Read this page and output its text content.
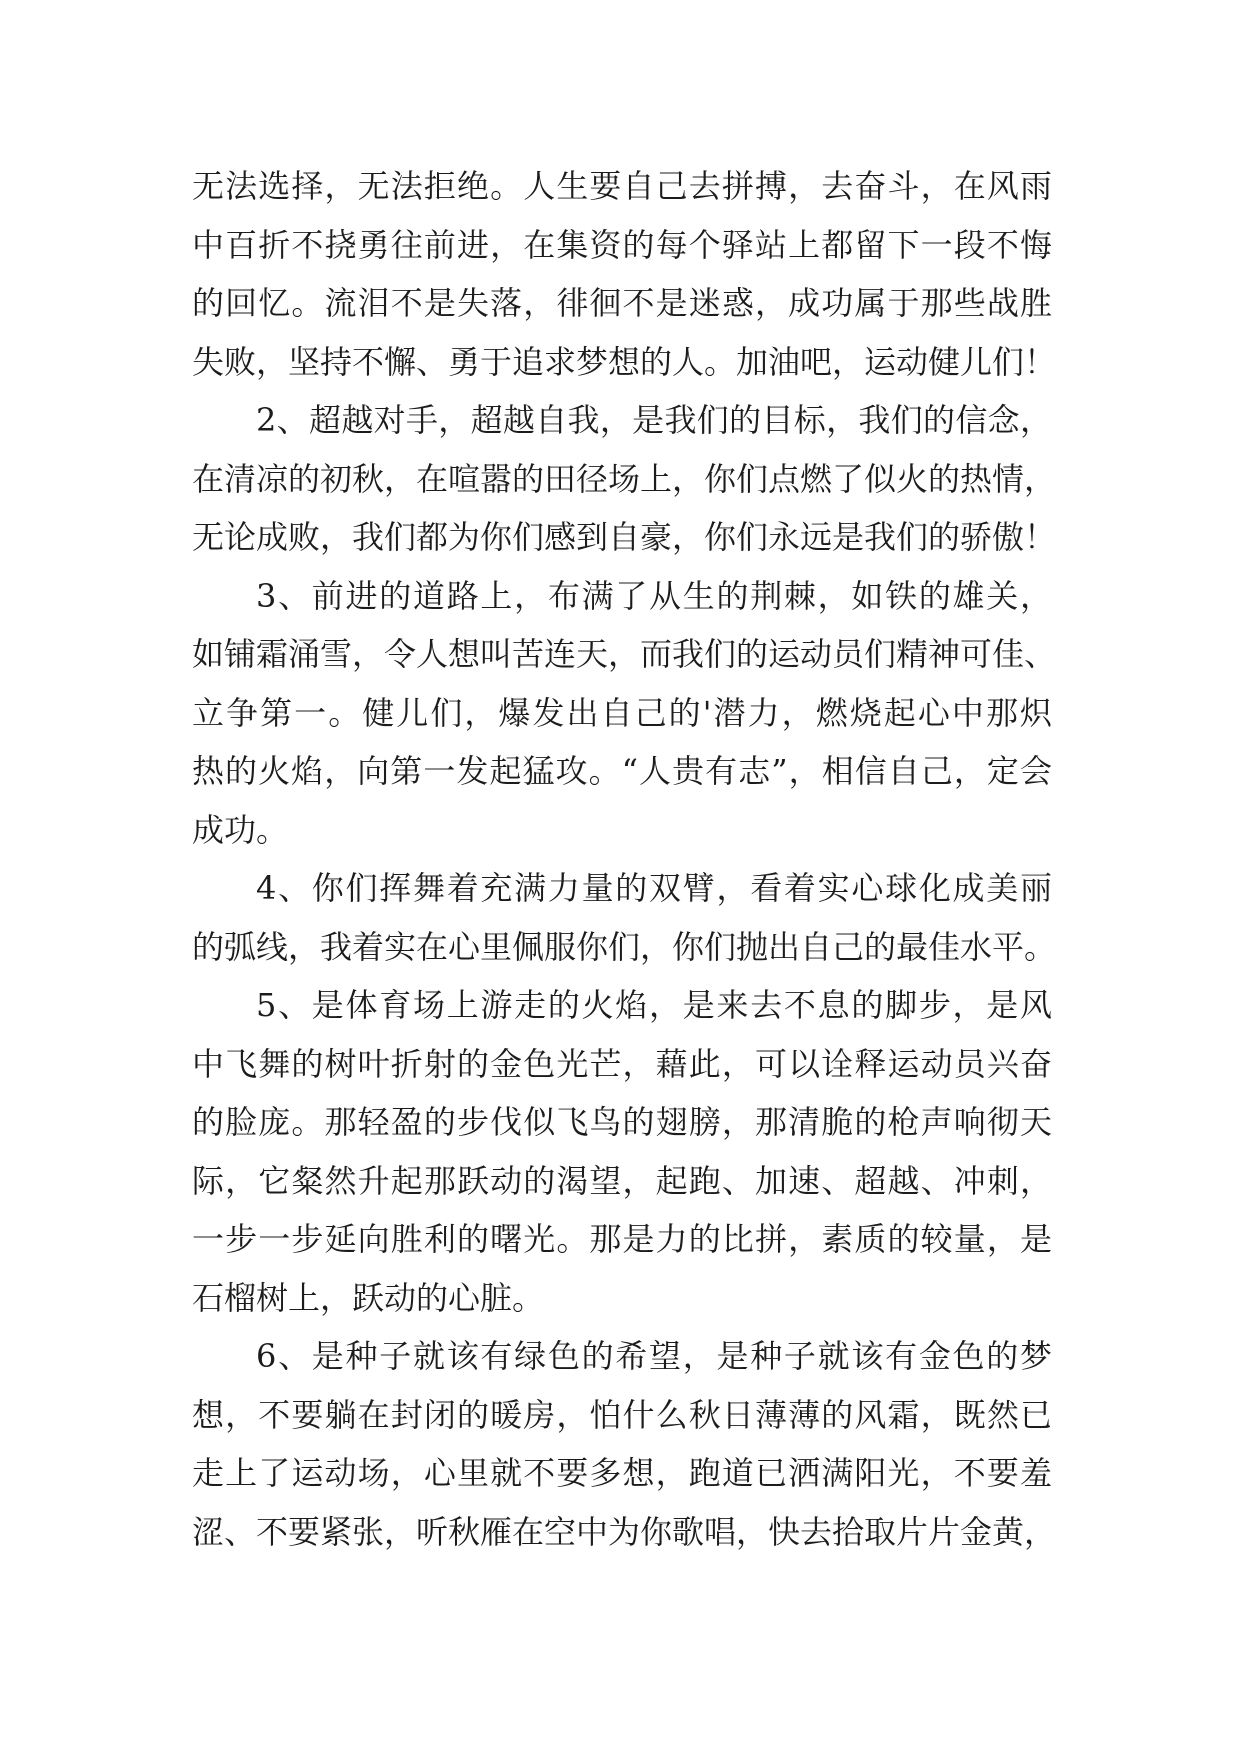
无法选择，无法拒绝。人生要自己去拼搏，去奋斗，在风雨
中百折不挠勇往前进，在集资的每个驿站上都留下一段不悔
的回忆。流泪不是失落，徘徊不是迷惑，成功属于那些战胜
失败，坚持不懈、勇于追求梦想的人。加油吧，运动健儿们！
2、超越对手，超越自我，是我们的目标，我们的信念，
在清凉的初秋，在喧嚣的田径场上，你们点燃了似火的热情，
无论成败，我们都为你们感到自豪，你们永远是我们的骄傲！
3、前进的道路上，布满了从生的荆棘，如铁的雄关，
如铺霜涌雪，令人想叫苦连天，而我们的运动员们精神可佳、
立争第一。健儿们，爆发出自己的'潜力，燃烧起心中那炽
热的火焰，向第一发起猛攻。“人贵有志”，相信自己，定会
成功。
4、你们挥舞着充满力量的双臂，看着实心球化成美丽
的弧线，我着实在心里佩服你们，你们抛出自己的最佳水平。
5、是体育场上游走的火焰，是来去不息的脚步，是风
中飞舞的树叶折射的金色光芒，藉此，可以诠释运动员兴奋
的脸庞。那轻盈的步伐似飞鸟的翅膀，那清脆的枪声响彻天
际，它粲然升起那跃动的渴望，起跑、加速、超越、冲刺，
一步一步延向胜利的曙光。那是力的比拼，素质的较量，是
石榴树上，跃动的心脏。
6、是种子就该有绿色的希望，是种子就该有金色的梦
想，不要躺在封闭的暖房，怕什么秋日薄薄的风霜，既然已
走上了运动场，心里就不要多想，跑道已洒满阳光，不要羞
涩、不要紧张，听秋雁在空中为你歌唱，快去拾取片片金黄，
